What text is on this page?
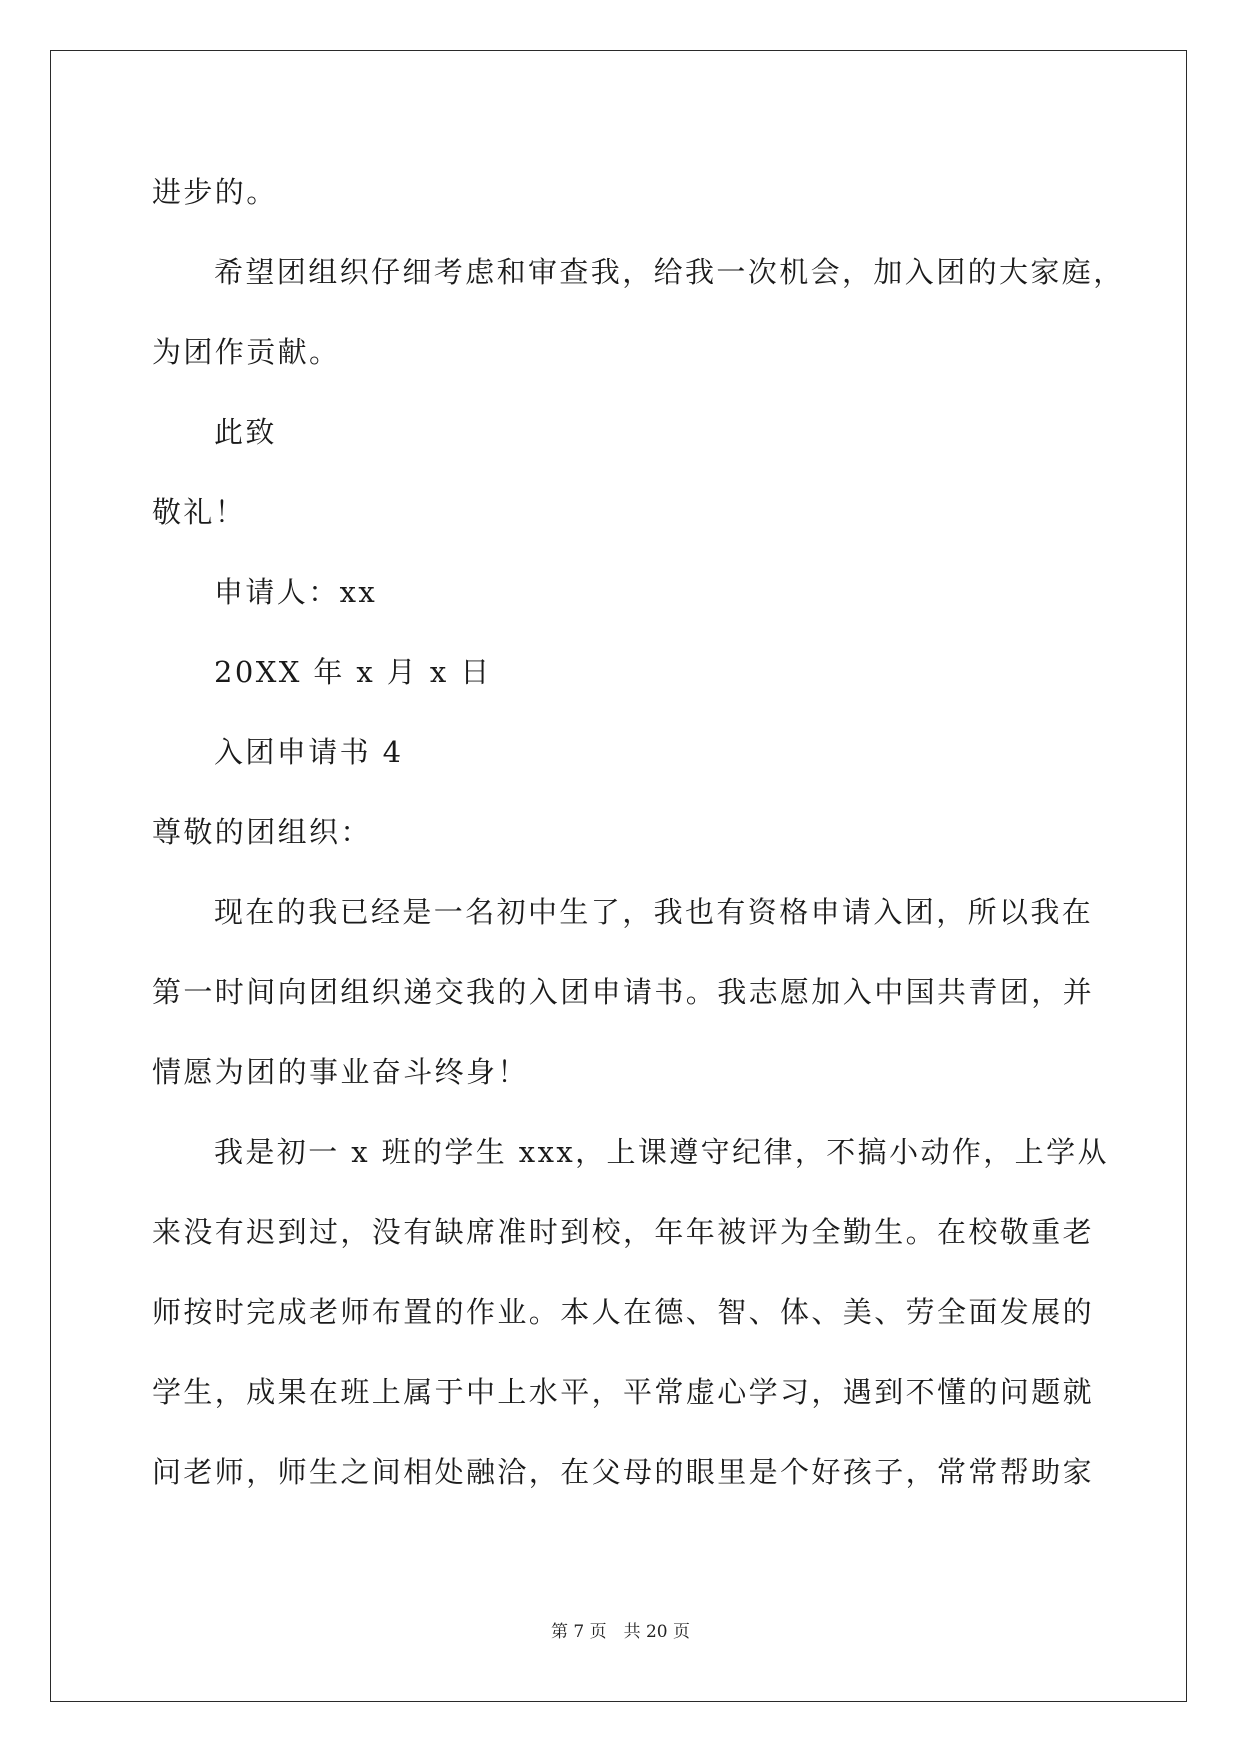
进步的。
希望团组织仔细考虑和审查我，给我一次机会，加入团的大家庭，
为团作贡献。
此致
敬礼！
申请人：xx
20XX 年 x 月 x 日
入团申请书 4
尊敬的团组织：
现在的我已经是一名初中生了，我也有资格申请入团，所以我在
第一时间向团组织递交我的入团申请书。我志愿加入中国共青团，并
情愿为团的事业奋斗终身！
我是初一 x 班的学生 xxx，上课遵守纪律，不搞小动作，上学从
来没有迟到过，没有缺席准时到校，年年被评为全勤生。在校敬重老
师按时完成老师布置的作业。本人在德、智、体、美、劳全面发展的
学生，成果在班上属于中上水平，平常虚心学习，遇到不懂的问题就
问老师，师生之间相处融洽，在父母的眼里是个好孩子，常常帮助家
第 7 页　共 20 页
